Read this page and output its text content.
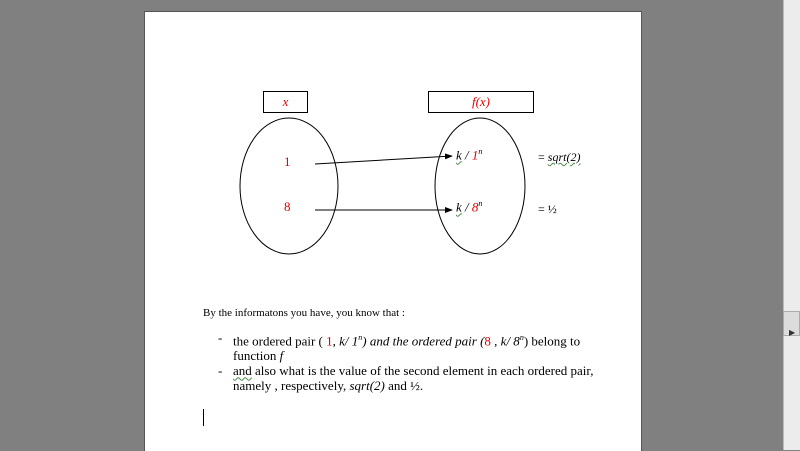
x	f(x)
1
8
k / 1$^n$
k / $8^n$
= sqrt(2)
= ½
By the informatons you have, you know that :
- the ordered pair ( 1, k/ 1$^n$) and the ordered pair (8 , k/ 8$^n$) belong to function f
- and also what is the value of the second element in each ordered pair, namely , respectively, sqrt(2) and ½.
▶
